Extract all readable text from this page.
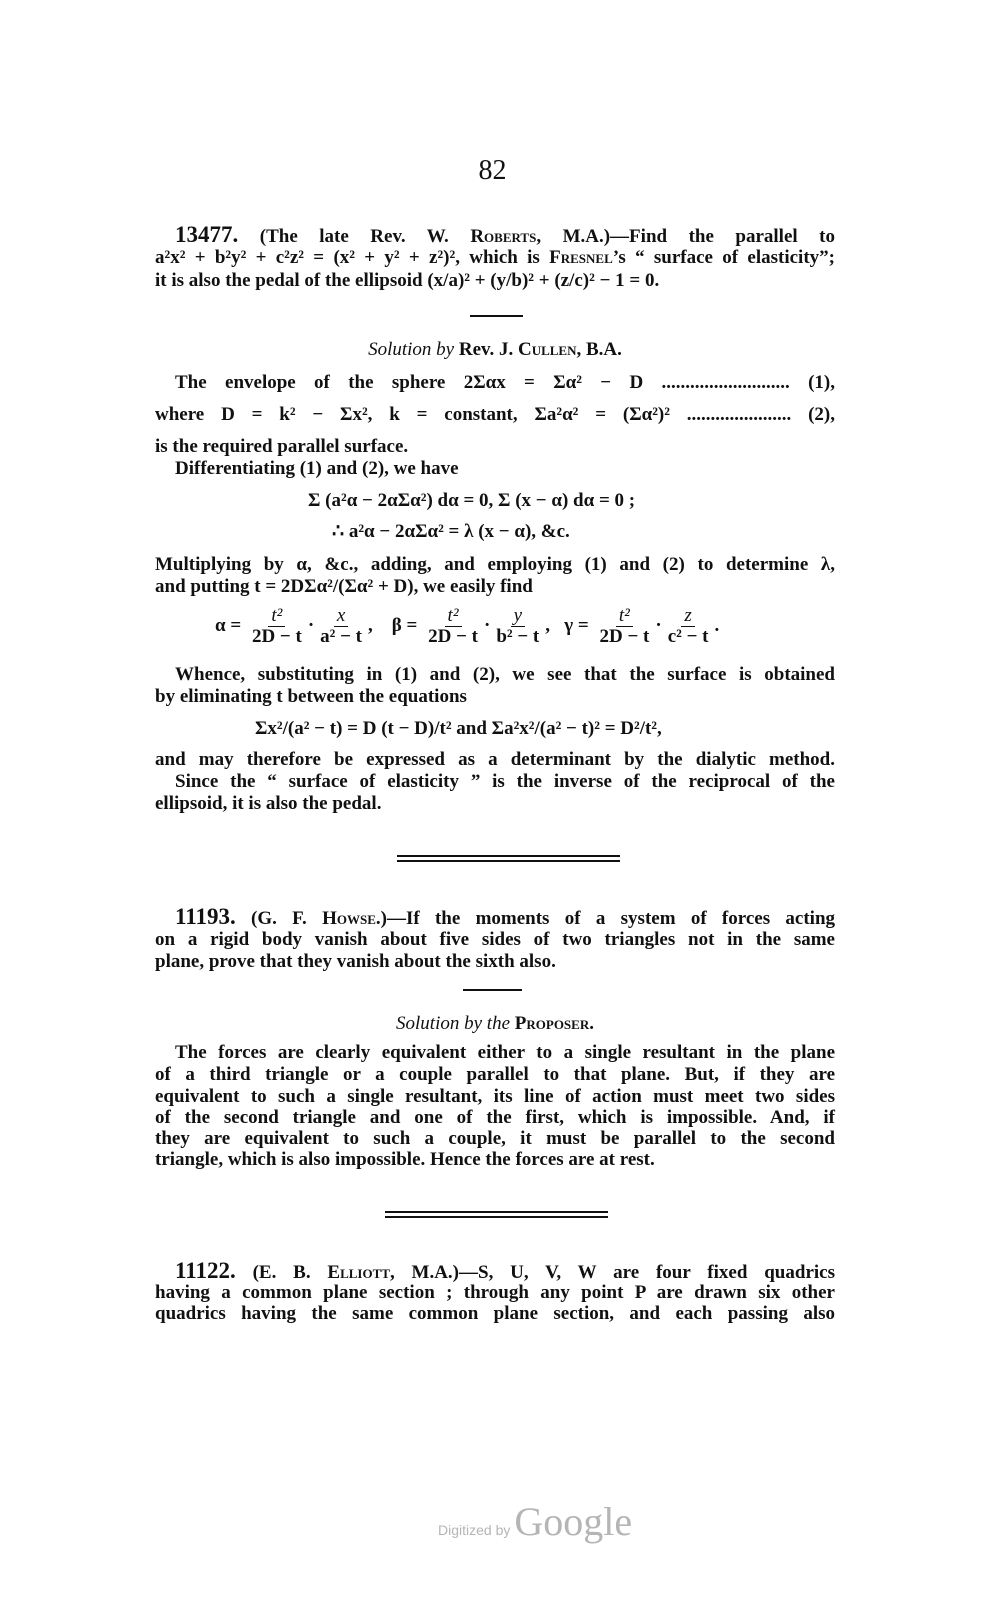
82
13477. (The late Rev. W. Roberts, M.A.)—Find the parallel to
a²x² + b²y² + c²z² = (x² + y² + z²)², which is Fresnel’s “ surface of elasticity”;
it is also the pedal of the ellipsoid (x/a)² + (y/b)² + (z/c)² − 1 = 0.
Solution by Rev. J. Cullen, B.A.
The envelope of the sphere 2Σαx = Σα² − D ........................... (1),
where D = k² − Σx², k = constant, Σa²α² = (Σα²)² ...................... (2),
is the required parallel surface.
Differentiating (1) and (2), we have
Σ (a²α − 2αΣα²) dα = 0, Σ (x − α) dα = 0 ;
∴ a²α − 2αΣα² = λ (x − α), &c.
Multiplying by α, &c., adding, and employing (1) and (2) to determine λ,
and putting t = 2DΣα²/(Σα² + D), we easily find
$\alpha = \frac{\text{t²}}{2D - t} \cdot \frac{x}{\text{a² − t}}$ ,    $\beta = \frac{\text{t²}}{2D - t} \cdot \frac{y}{\text{b² − t}}$ ,   $\gamma = \frac{\text{t²}}{2D - t} \cdot \frac{z}{\text{c² − t}}$ .
Whence, substituting in (1) and (2), we see that the surface is obtained
by eliminating t between the equations
Σx²/(a² − t) = D (t − D)/t² and Σa²x²/(a² − t)² = D²/t²,
and may therefore be expressed as a determinant by the dialytic method.
Since the “ surface of elasticity ” is the inverse of the reciprocal of the
ellipsoid, it is also the pedal.
11193. (G. F. Howse.)—If the moments of a system of forces acting
on a rigid body vanish about five sides of two triangles not in the same
plane, prove that they vanish about the sixth also.
Solution by the Proposer.
The forces are clearly equivalent either to a single resultant in the plane
of a third triangle or a couple parallel to that plane. But, if they are
equivalent to such a single resultant, its line of action must meet two sides
of the second triangle and one of the first, which is impossible. And, if
they are equivalent to such a couple, it must be parallel to the second
triangle, which is also impossible. Hence the forces are at rest.
11122. (E. B. Elliott, M.A.)—S, U, V, W are four fixed quadrics
having a common plane section ; through any point P are drawn six other
quadrics having the same common plane section, and each passing also
Digitized by Google
